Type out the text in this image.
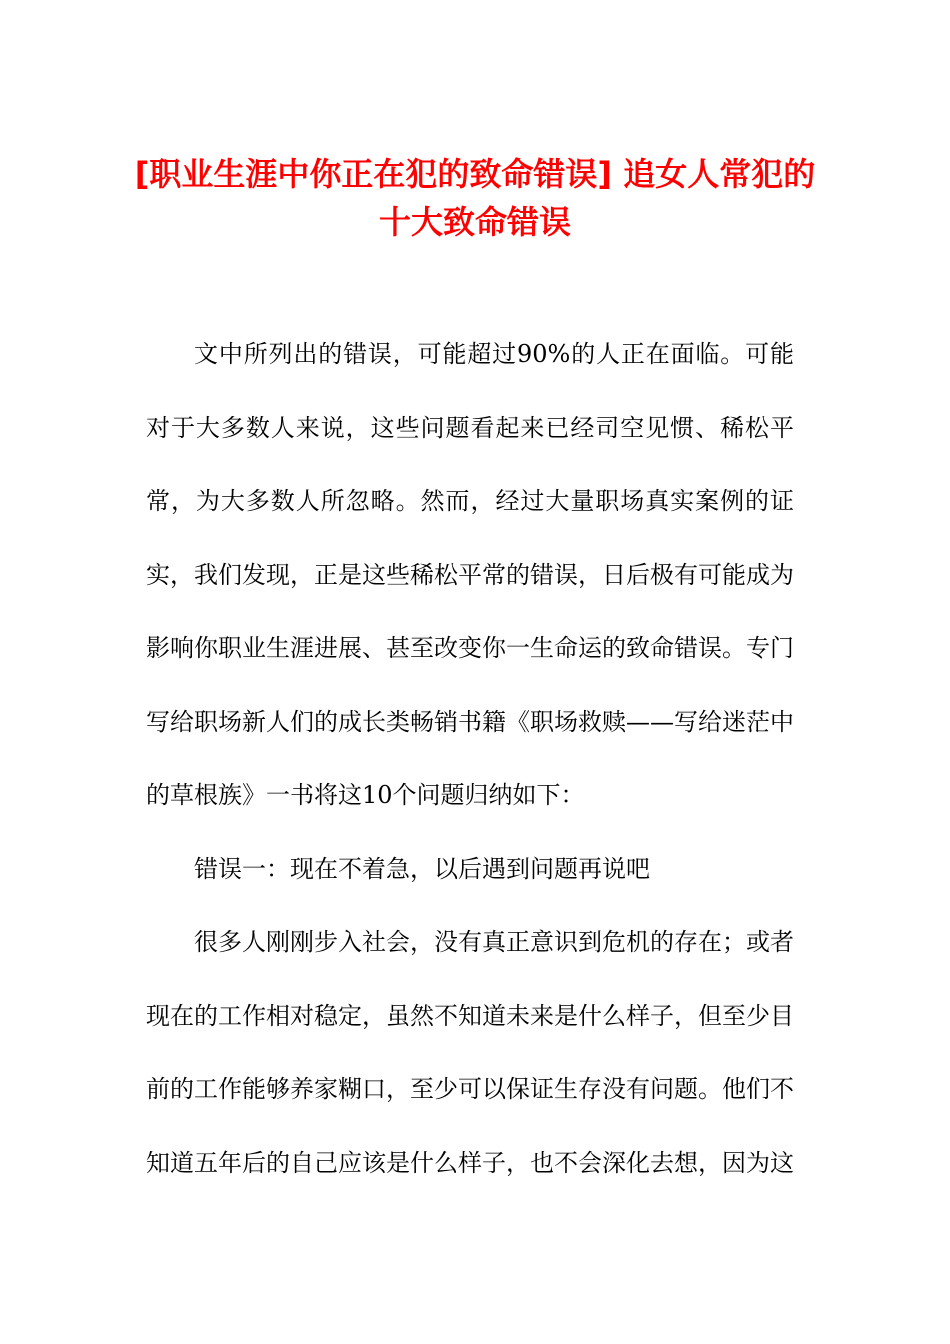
[职业生涯中你正在犯的致命错误] 追女人常犯的十大致命错误

文中所列出的错误，可能超过90%的人正在面临。可能对于大多数人来说，这些问题看起来已经司空见惯、稀松平常，为大多数人所忽略。然而，经过大量职场真实案例的证实，我们发现，正是这些稀松平常的错误，日后极有可能成为影响你职业生涯进展、甚至改变你一生命运的致命错误。专门写给职场新人们的成长类畅销书籍《职场救赎——写给迷茫中的草根族》一书将这10个问题归纳如下：

错误一：现在不着急，以后遇到问题再说吧

很多人刚刚步入社会，没有真正意识到危机的存在；或者现在的工作相对稳定，虽然不知道未来是什么样子，但至少目前的工作能够养家糊口，至少可以保证生存没有问题。他们不知道五年后的自己应该是什么样子，也不会深化去想，因为这
